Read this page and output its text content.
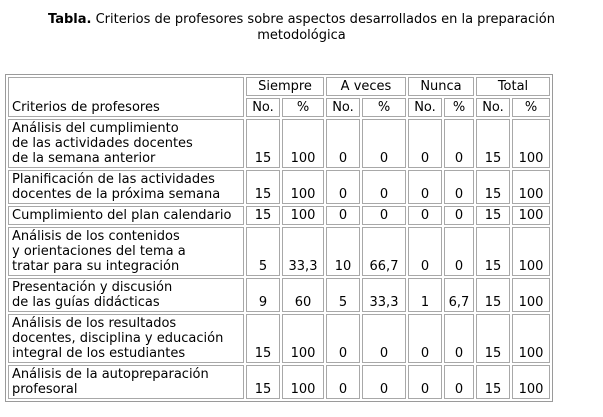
Tabla. Criterios de profesores sobre aspectos desarrollados en la preparación
metodológica
Criterios de profesores	Siempre		A veces		Nunca		Total	
	No.	%	No.	%	No.	%	No.	%

Análisis del cumplimiento
de las actividades docentes
de la semana anterior	15	100	0	0	0	0	15	100

Planificación de las actividades
docentes de la próxima semana	15	100	0	0	0	0	15	100

Cumplimiento del plan calendario	15	100	0	0	0	0	15	100

Análisis de los contenidos
y orientaciones del tema a
tratar para su integración	5	33,3	10	66,7	0	0	15	100

Presentación y discusión
de las guías didácticas	9	60	5	33,3	1	6,7	15	100

Análisis de los resultados
docentes, disciplina y educación
integral de los estudiantes	15	100	0	0	0	0	15	100

Análisis de la autopreparación
profesoral	15	100	0	0	0	0	15	100
